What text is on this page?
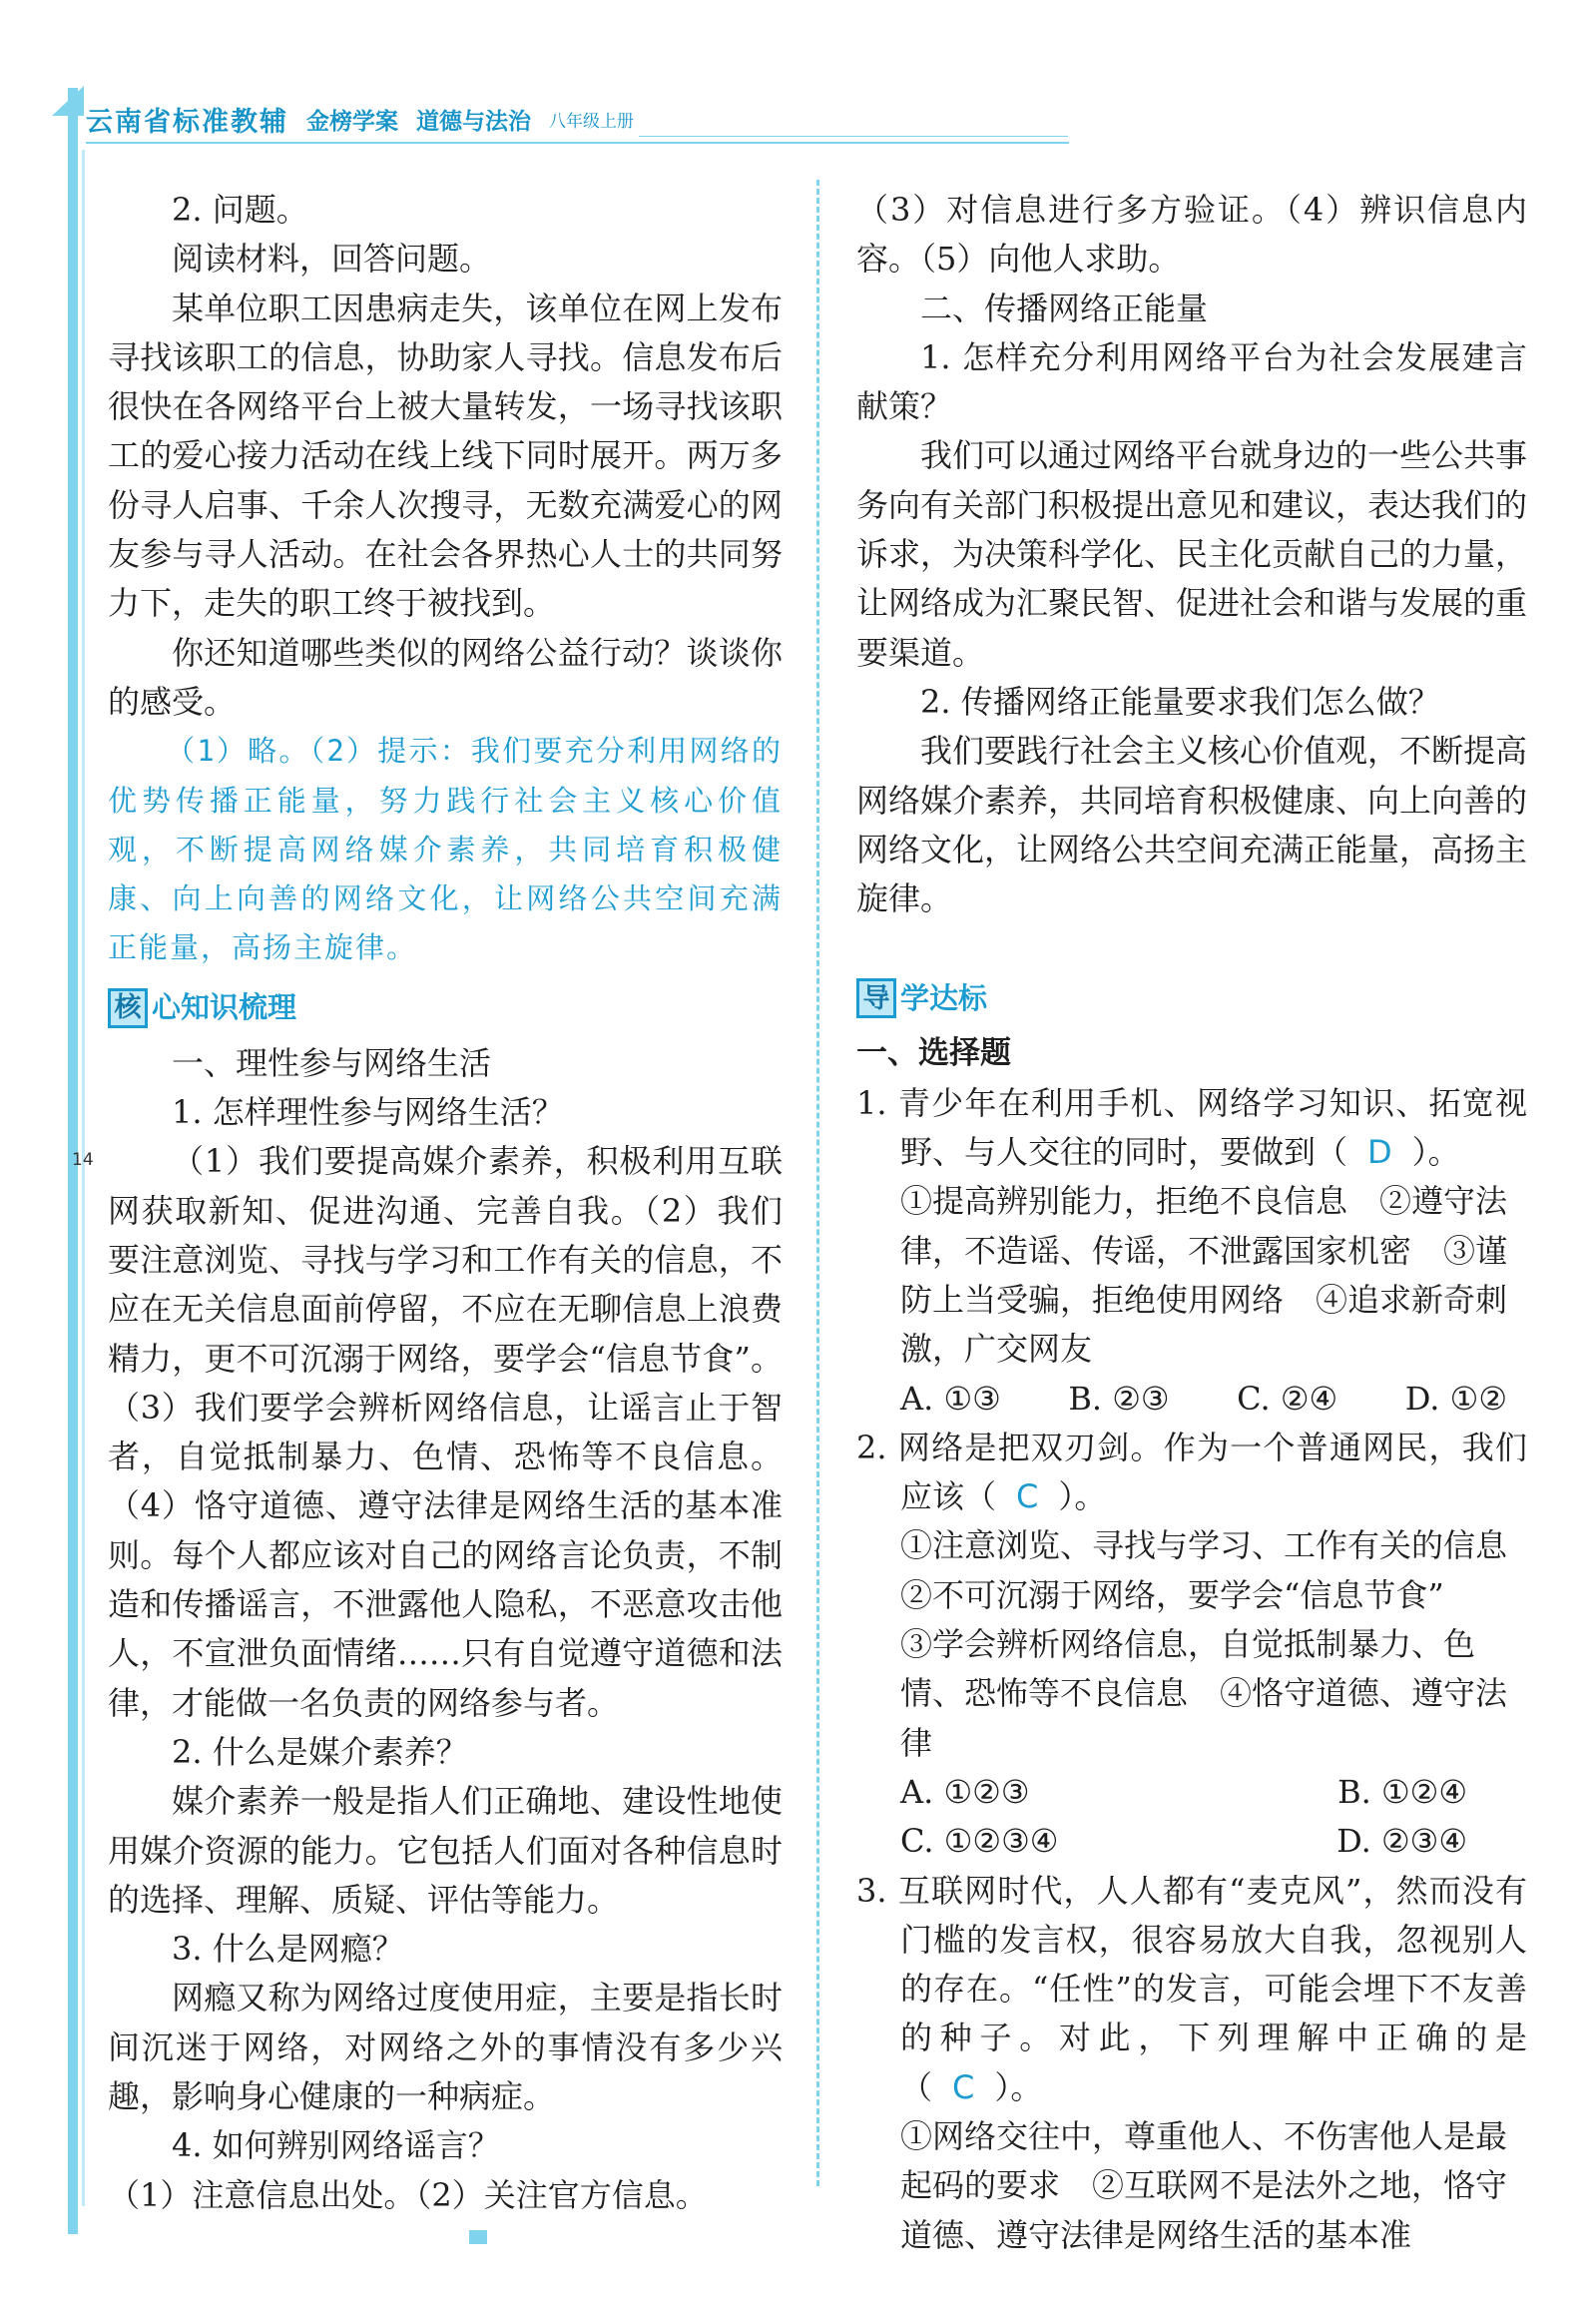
云南省标准教辅 金榜学案 道德与法治 八年级上册
14

2. 问题。

阅读材料，回答问题。

某单位职工因患病走失，该单位在网上发布寻找该职工的信息，协助家人寻找。信息发布后很快在各网络平台上被大量转发，一场寻找该职工的爱心接力活动在线上线下同时展开。两万多份寻人启事、千余人次搜寻，无数充满爱心的网友参与寻人活动。在社会各界热心人士的共同努力下，走失的职工终于被找到。

你还知道哪些类似的网络公益行动？谈谈你的感受。

（1）略。（2）提示：我们要充分利用网络的优势传播正能量，努力践行社会主义核心价值观，不断提高网络媒介素养，共同培育积极健康、向上向善的网络文化，让网络公共空间充满正能量，高扬主旋律。

核 心知识梳理

一、理性参与网络生活

1. 怎样理性参与网络生活？

（1）我们要提高媒介素养，积极利用互联网获取新知、促进沟通、完善自我。（2）我们要注意浏览、寻找与学习和工作有关的信息，不应在无关信息面前停留，不应在无聊信息上浪费精力，更不可沉溺于网络，要学会“信息节食”。（3）我们要学会辨析网络信息，让谣言止于智者，自觉抵制暴力、色情、恐怖等不良信息。（4）恪守道德、遵守法律是网络生活的基本准则。每个人都应该对自己的网络言论负责，不制造和传播谣言，不泄露他人隐私，不恶意攻击他人，不宣泄负面情绪……只有自觉遵守道德和法律，才能做一名负责的网络参与者。

2. 什么是媒介素养？

媒介素养一般是指人们正确地、建设性地使用媒介资源的能力。它包括人们面对各种信息时的选择、理解、质疑、评估等能力。

3. 什么是网瘾？

网瘾又称为网络过度使用症，主要是指长时间沉迷于网络，对网络之外的事情没有多少兴趣，影响身心健康的一种病症。

4. 如何辨别网络谣言？

（1）注意信息出处。（2）关注官方信息。

（3）对信息进行多方验证。（4）辨识信息内容。（5）向他人求助。

二、传播网络正能量

1. 怎样充分利用网络平台为社会发展建言献策？

我们可以通过网络平台就身边的一些公共事务向有关部门积极提出意见和建议，表达我们的诉求，为决策科学化、民主化贡献自己的力量，让网络成为汇聚民智、促进社会和谐与发展的重要渠道。

2. 传播网络正能量要求我们怎么做？

我们要践行社会主义核心价值观，不断提高网络媒介素养，共同培育积极健康、向上向善的网络文化，让网络公共空间充满正能量，高扬主旋律。

导 学达标
一、选择题

1. 青少年在利用手机、网络学习知识、拓宽视野、与人交往的同时，要做到（ D ）。

①提高辨别能力，拒绝不良信息　②遵守法律，不造谣、传谣，不泄露国家机密　③谨防上当受骗，拒绝使用网络　④追求新奇刺激，广交网友

A. ①③ B. ②③ C. ②④ D. ①②

2. 网络是把双刃剑。作为一个普通网民，我们应该（ C ）。

①注意浏览、寻找与学习、工作有关的信息

②不可沉溺于网络，要学会“信息节食”

③学会辨析网络信息，自觉抵制暴力、色情、恐怖等不良信息　④恪守道德、遵守法律

A. ①②③	B. ①②④
C. ①②③④	D. ②③④

3. 互联网时代，人人都有“麦克风”，然而没有门槛的发言权，很容易放大自我，忽视别人的存在。“任性”的发言，可能会埋下不友善的种子。对此，下列理解中正确的是（ C ）。

①网络交往中，尊重他人、不伤害他人是最起码的要求　②互联网不是法外之地，恪守道德、遵守法律是网络生活的基本准
